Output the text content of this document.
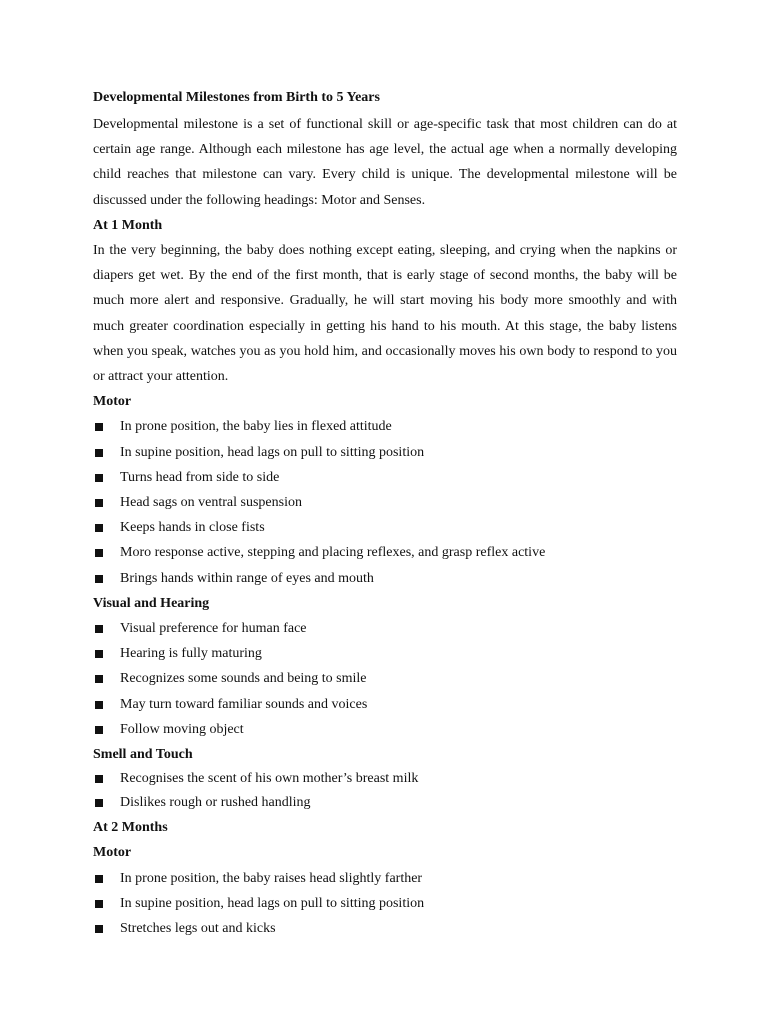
Developmental Milestones from Birth to 5 Years

Developmental milestone is a set of functional skill or age-specific task that most children can do at certain age range. Although each milestone has age level, the actual age when a normally developing child reaches that milestone can vary. Every child is unique. The developmental milestone will be discussed under the following headings: Motor and Senses.

At 1 Month

In the very beginning, the baby does nothing except eating, sleeping, and crying when the napkins or diapers get wet. By the end of the first month, that is early stage of second months, the baby will be much more alert and responsive. Gradually, he will start moving his body more smoothly and with much greater coordination especially in getting his hand to his mouth. At this stage, the baby listens when you speak, watches you as you hold him, and occasionally moves his own body to respond to you or attract your attention.

Motor
In prone position, the baby lies in flexed attitude
In supine position, head lags on pull to sitting position
Turns head from side to side
Head sags on ventral suspension
Keeps hands in close fists
Moro response active, stepping and placing reflexes, and grasp reflex active
Brings hands within range of eyes and mouth
Visual and Hearing
Visual preference for human face
Hearing is fully maturing
Recognizes some sounds and being to smile
May turn toward familiar sounds and voices
Follow moving object
Smell and Touch
Recognises the scent of his own mother’s breast milk
Dislikes rough or rushed handling
At 2 Months
Motor
In prone position, the baby raises head slightly farther
In supine position, head lags on pull to sitting position
Stretches legs out and kicks
